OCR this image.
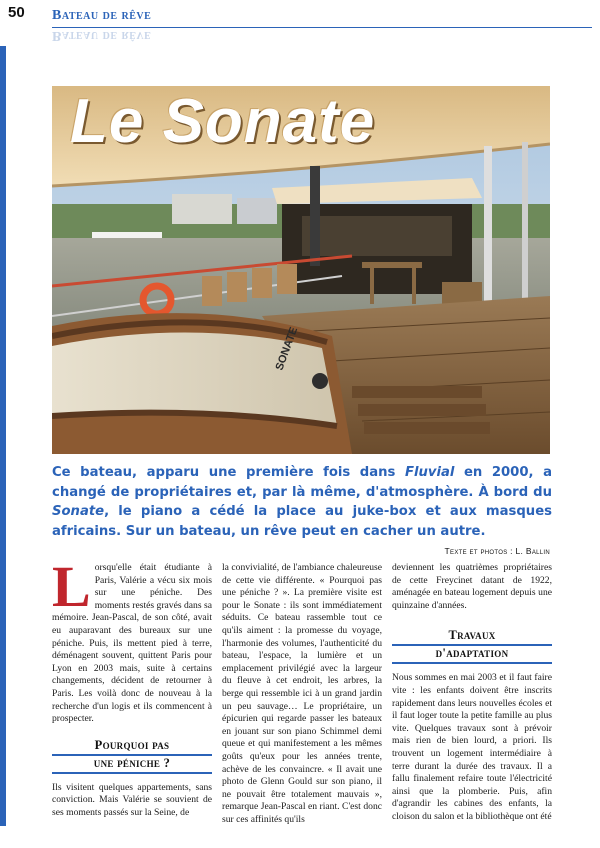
50 Bateau de rêve
Bateau de rêve
SONATE
Le Sonate
Ce bateau, apparu une première fois dans Fluvial en 2000, a changé de propriétaires et, par là même, d'atmosphère. À bord du Sonate, le piano a cédé la place au juke-box et aux masques africains. Sur un bateau, un rêve peut en cacher un autre.
Texte et photos : L. Ballin

Lorsqu'elle était étudiante à Paris, Valérie a vécu six mois sur une péniche. Des moments restés gravés dans sa mémoire. Jean-Pascal, de son côté, avait eu auparavant des bureaux sur une péniche. Puis, ils mettent pied à terre, déménagent souvent, quittent Paris pour Lyon en 2003 mais, suite à certains changements, décident de retourner à Paris. Les voilà donc de nouveau à la recherche d'un logis et ils commencent à prospecter.

Pourquoi pas
une péniche ?

Ils visitent quelques appartements, sans conviction. Mais Valérie se souvient de ses moments passés sur la Seine, de

la convivialité, de l'ambiance chaleureuse de cette vie différente. « Pourquoi pas une péniche ? ». La première visite est pour le Sonate : ils sont immédiatement séduits. Ce bateau rassemble tout ce qu'ils aiment : la promesse du voyage, l'harmonie des volumes, l'authenticité du bateau, l'espace, la lumière et un emplacement privilégié avec la largeur du fleuve à cet endroit, les arbres, la berge qui ressemble ici à un grand jardin un peu sauvage… Le propriétaire, un épicurien qui regarde passer les bateaux en jouant sur son piano Schimmel demi queue et qui manifestement a les mêmes goûts qu'eux pour les années trente, achève de les convaincre. « Il avait une photo de Glenn Gould sur son piano, il ne pouvait être totalement mauvais », remarque Jean-Pascal en riant. C'est donc sur ces affinités qu'ils

deviennent les quatrièmes propriétaires de cette Freycinet datant de 1922, aménagée en bateau logement depuis une quinzaine d'années.

Travaux
d'adaptation

Nous sommes en mai 2003 et il faut faire vite : les enfants doivent être inscrits rapidement dans leurs nouvelles écoles et il faut loger toute la petite famille au plus vite. Quelques travaux sont à prévoir mais rien de bien lourd, a priori. Ils trouvent un logement intermédiaire à terre durant la durée des travaux. Il a fallu finalement refaire toute l'électricité ainsi que la plomberie. Puis, afin d'agrandir les cabines des enfants, la cloison du salon et la bibliothèque ont été
